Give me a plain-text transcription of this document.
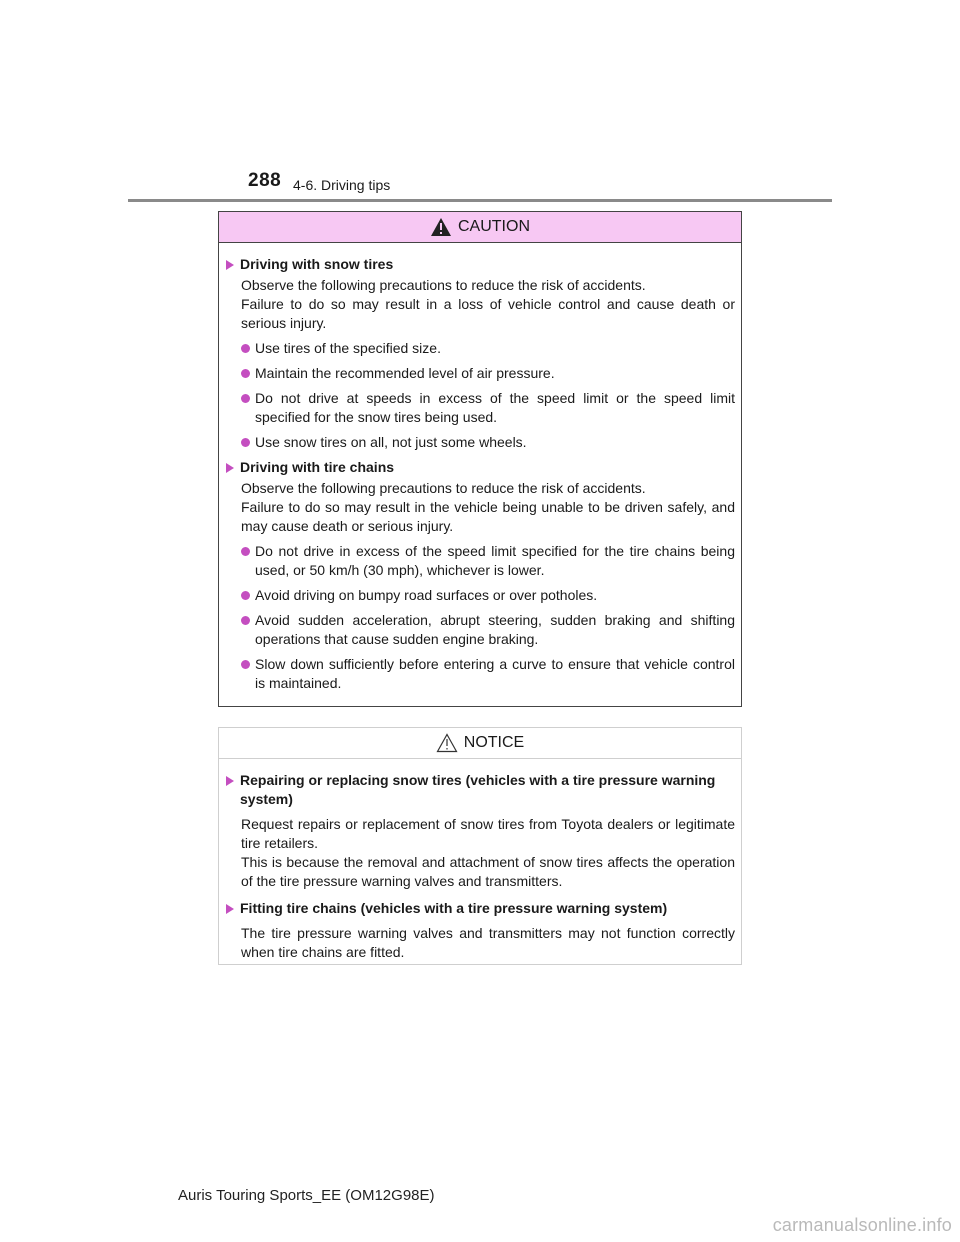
288 4-6. Driving tips
CAUTION
Driving with snow tires
Observe the following precautions to reduce the risk of accidents.
Failure to do so may result in a loss of vehicle control and cause death or serious injury.
Use tires of the specified size.
Maintain the recommended level of air pressure.
Do not drive at speeds in excess of the speed limit or the speed limit specified for the snow tires being used.
Use snow tires on all, not just some wheels.
Driving with tire chains
Observe the following precautions to reduce the risk of accidents.
Failure to do so may result in the vehicle being unable to be driven safely, and may cause death or serious injury.
Do not drive in excess of the speed limit specified for the tire chains being used, or 50 km/h (30 mph), whichever is lower.
Avoid driving on bumpy road surfaces or over potholes.
Avoid sudden acceleration, abrupt steering, sudden braking and shifting operations that cause sudden engine braking.
Slow down sufficiently before entering a curve to ensure that vehicle control is maintained.
NOTICE
Repairing or replacing snow tires (vehicles with a tire pressure warning system)
Request repairs or replacement of snow tires from Toyota dealers or legitimate tire retailers.
This is because the removal and attachment of snow tires affects the operation of the tire pressure warning valves and transmitters.
Fitting tire chains (vehicles with a tire pressure warning system)
The tire pressure warning valves and transmitters may not function correctly when tire chains are fitted.
Auris Touring Sports_EE (OM12G98E)
carmanualsonline.info
